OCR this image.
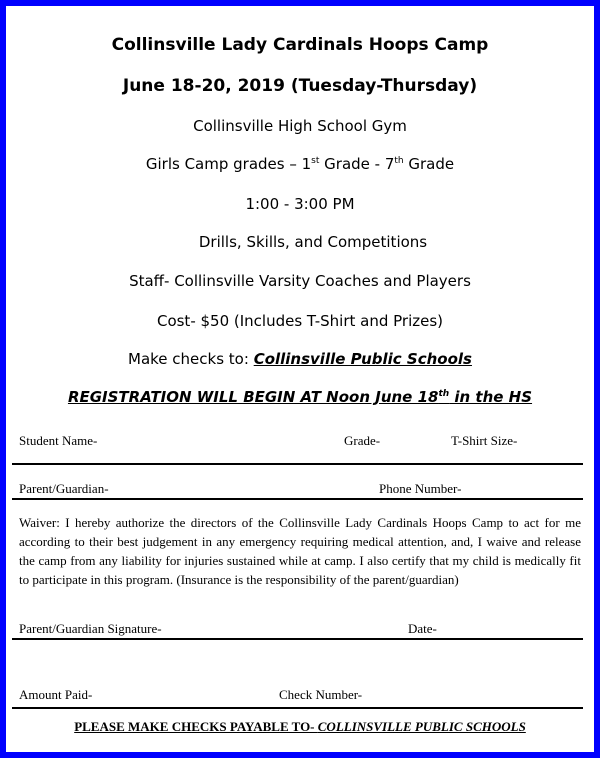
Collinsville Lady Cardinals Hoops Camp
June 18-20, 2019 (Tuesday-Thursday)
Collinsville High School Gym
Girls Camp grades – 1st Grade - 7th Grade
1:00 - 3:00 PM
Drills, Skills, and Competitions
Staff- Collinsville Varsity Coaches and Players
Cost- $50 (Includes T-Shirt and Prizes)
Make checks to: Collinsville Public Schools
REGISTRATION WILL BEGIN AT Noon June 18th in the HS
Student Name-	Grade-	T-Shirt Size-
Parent/Guardian-	Phone Number-
Waiver: I hereby authorize the directors of the Collinsville Lady Cardinals Hoops Camp to act for me according to their best judgement in any emergency requiring medical attention, and, I waive and release the camp from any liability for injuries sustained while at camp. I also certify that my child is medically fit to participate in this program. (Insurance is the responsibility of the parent/guardian)
Parent/Guardian Signature-	Date-
Amount Paid-	Check Number-
PLEASE MAKE CHECKS PAYABLE TO- COLLINSVILLE PUBLIC SCHOOLS
